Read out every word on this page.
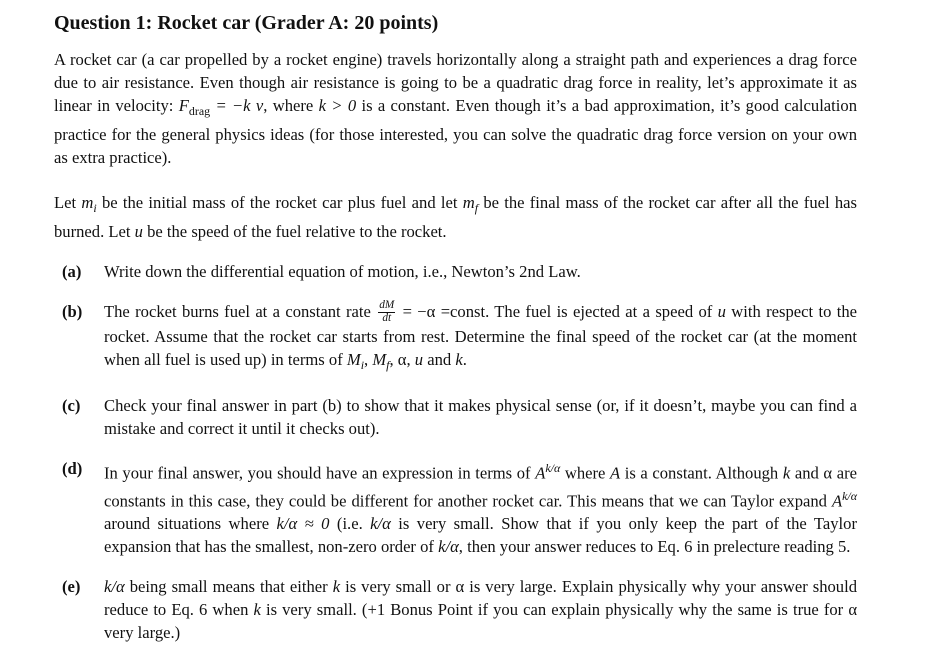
Question 1: Rocket car (Grader A: 20 points)

A rocket car (a car propelled by a rocket engine) travels horizontally along a straight path and experiences a drag force due to air resistance. Even though air resistance is going to be a quadratic drag force in reality, let’s approximate it as linear in velocity: $F_{drag} = -k$ v, where k > 0 is a constant. Even though it’s a bad approximation, it’s good calculation practice for the general physics ideas (for those interested, you can solve the quadratic drag force version on your own as extra practice).

Let $m_i$ be the initial mass of the rocket car plus fuel and let $m_f$ be the final mass of the rocket car after all the fuel has burned. Let u be the speed of the fuel relative to the rocket.

(a)	Write down the differential equation of motion, i.e., Newton’s 2nd Law.
(b)	The rocket burns fuel at a constant rate $\frac{dM}{dt} = -\alpha$ =const. The fuel is ejected at a speed of u with respect to the rocket. Assume that the rocket car starts from rest. Determine the final speed of the rocket car (at the moment when all fuel is used up) in terms of $M_i$, $M_f$, α, u and k.
(c)	Check your final answer in part (b) to show that it makes physical sense (or, if it doesn’t, maybe you can find a mistake and correct it until it checks out).
(d)	In your final answer, you should have an expression in terms of $A^{k/\alpha}$ where A is a constant. Although k and α are constants in this case, they could be different for another rocket car. This means that we can Taylor expand $A^{k/\alpha}$ around situations where k/α ≈ 0 (i.e. k/α is very small. Show that if you only keep the part of the Taylor expansion that has the smallest, non-zero order of k/α, then your answer reduces to Eq. 6 in prelecture reading 5.
(e)	k/α being small means that either k is very small or α is very large. Explain physically why your answer should reduce to Eq. 6 when k is very small. (+1 Bonus Point if you can explain physically why the same is true for α very large.)
